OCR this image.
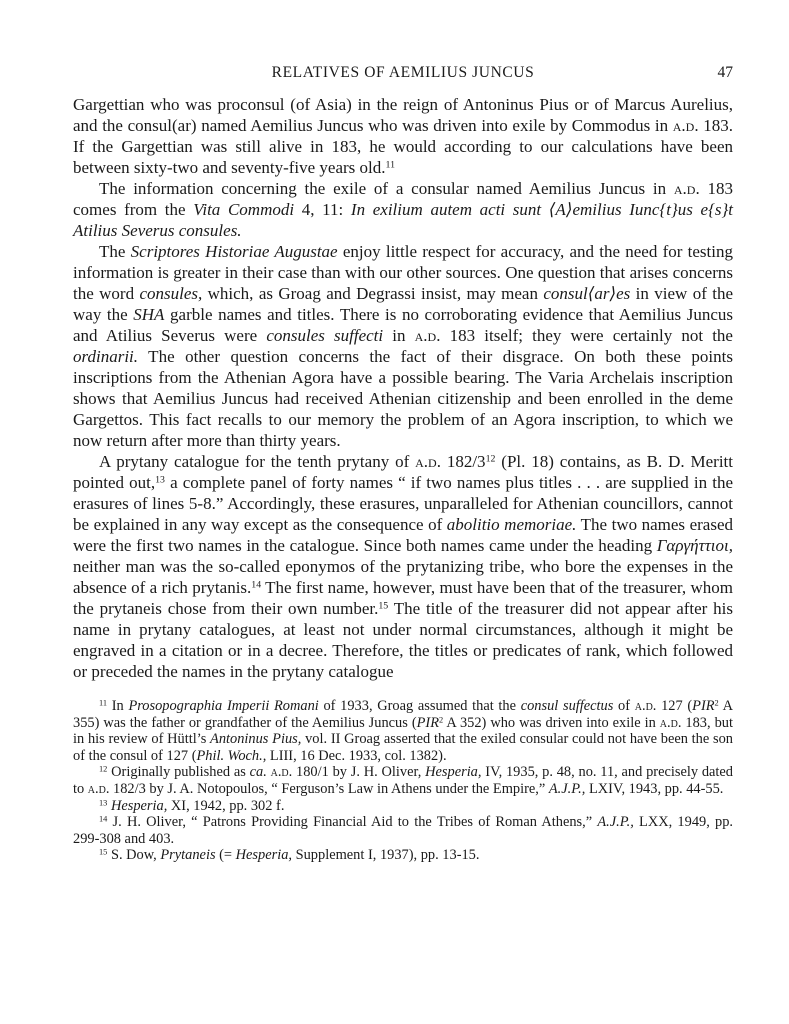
RELATIVES OF AEMILIUS JUNCUS	47

Gargettian who was proconsul (of Asia) in the reign of Antoninus Pius or of Marcus Aurelius, and the consul(ar) named Aemilius Juncus who was driven into exile by Commodus in a.d. 183. If the Gargettian was still alive in 183, he would according to our calculations have been between sixty-two and seventy-five years old.$^{11}$

The information concerning the exile of a consular named Aemilius Juncus in a.d. 183 comes from the Vita Commodi 4, 11: In exilium autem acti sunt ⟨A⟩emilius Iunc{t}us e{s}t Atilius Severus consules.

The Scriptores Historiae Augustae enjoy little respect for accuracy, and the need for testing information is greater in their case than with our other sources. One question that arises concerns the word consules, which, as Groag and Degrassi insist, may mean consul⟨ar⟩es in view of the way the SHA garble names and titles. There is no corroborating evidence that Aemilius Juncus and Atilius Severus were consules suffecti in a.d. 183 itself; they were certainly not the ordinarii. The other question concerns the fact of their disgrace. On both these points inscriptions from the Athenian Agora have a possible bearing. The Varia Archelais inscription shows that Aemilius Juncus had received Athenian citizenship and been enrolled in the deme Gargettos. This fact recalls to our memory the problem of an Agora inscription, to which we now return after more than thirty years.

A prytany catalogue for the tenth prytany of a.d. $182/3^{12}$ (Pl. 18) contains, as B. D. Meritt pointed out,$^{13}$ a complete panel of forty names “ if two names plus titles . . . are supplied in the erasures of lines 5-8.” Accordingly, these erasures, unparalleled for Athenian councillors, cannot be explained in any way except as the consequence of abolitio memoriae. The two names erased were the first two names in the catalogue. Since both names came under the heading Γαργήττιοι, neither man was the so-called eponymos of the prytanizing tribe, who bore the expenses in the absence of a rich prytanis.$^{14}$ The first name, however, must have been that of the treasurer, whom the prytaneis chose from their own number.$^{15}$ The title of the treasurer did not appear after his name in prytany catalogues, at least not under normal circumstances, although it might be engraved in a citation or in a decree. Therefore, the titles or predicates of rank, which followed or preceded the names in the prytany catalogue

$^{11}$ In Prosopographia Imperii Romani of 1933, Groag assumed that the consul suffectus of a.d. 127 (PIR$^2$ A 355) was the father or grandfather of the Aemilius Juncus (PIR$^2$ A 352) who was driven into exile in a.d. 183, but in his review of Hüttl’s Antoninus Pius, vol. II Groag asserted that the exiled consular could not have been the son of the consul of 127 (Phil. Woch., LIII, 16 Dec. 1933, col. 1382).

$^{12}$ Originally published as ca. a.d. 180/1 by J. H. Oliver, Hesperia, IV, 1935, p. 48, no. 11, and precisely dated to a.d. 182/3 by J. A. Notopoulos, “ Ferguson’s Law in Athens under the Empire,” A.J.P., LXIV, 1943, pp. 44-55.

$^{13}$ Hesperia, XI, 1942, pp. 302 f.

$^{14}$ J. H. Oliver, “ Patrons Providing Financial Aid to the Tribes of Roman Athens,” A.J.P., LXX, 1949, pp. 299-308 and 403.

$^{15}$ S. Dow, Prytaneis (= Hesperia, Supplement I, 1937), pp. 13-15.
